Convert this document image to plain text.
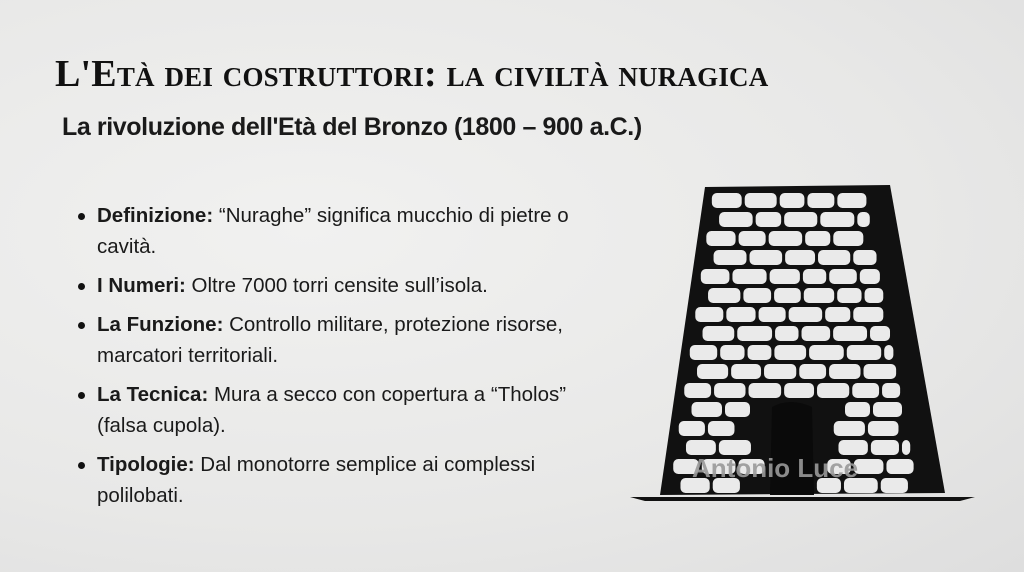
L'Età dei costruttori: la civiltà nuragica
La rivoluzione dell'Età del Bronzo (1800 – 900 a.C.)
Definizione: “Nuraghe” significa mucchio di pietre o cavità.
I Numeri: Oltre 7000 torri censite sull’isola.
La Funzione: Controllo militare, protezione risorse, marcatori territoriali.
La Tecnica: Mura a secco con copertura a “Tholos” (falsa cupola).
Tipologie: Dal monotorre semplice ai complessi polilobati.
Antonio Luce
